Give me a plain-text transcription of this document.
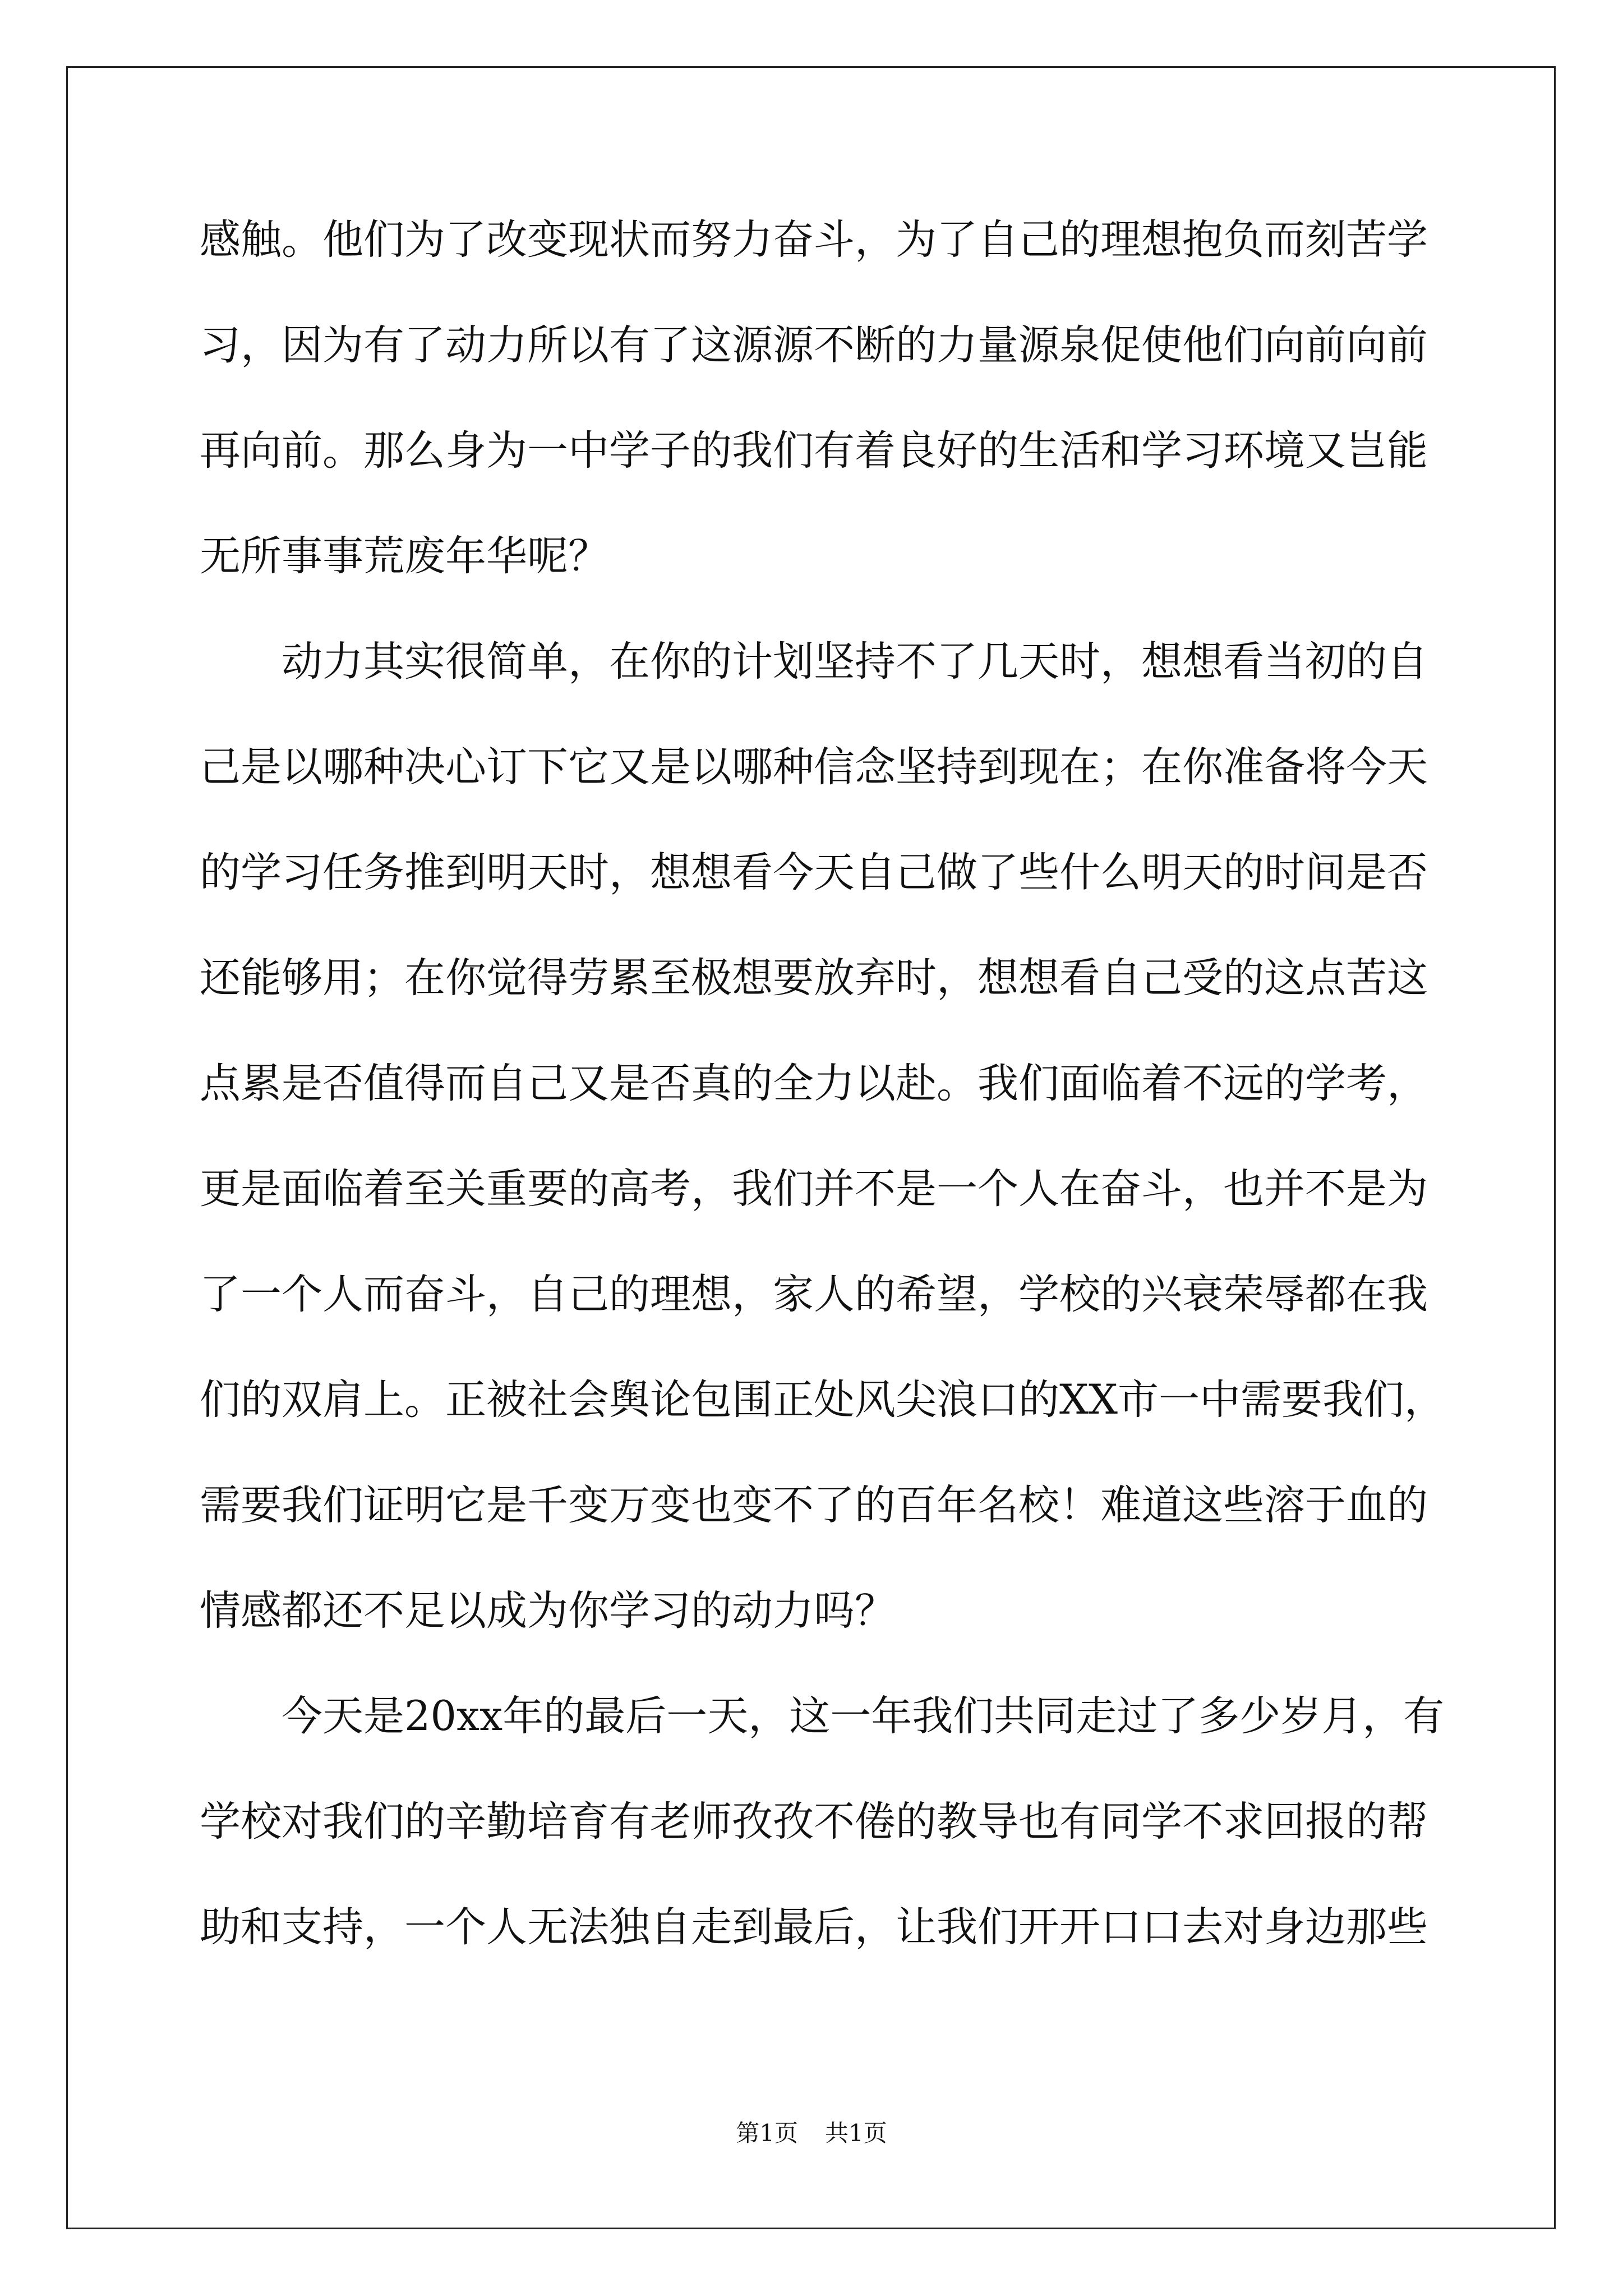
感触。他们为了改变现状而努力奋斗，为了自己的理想抱负而刻苦学
习，因为有了动力所以有了这源源不断的力量源泉促使他们向前向前
再向前。那么身为一中学子的我们有着良好的生活和学习环境又岂能
无所事事荒废年华呢？
　　动力其实很简单，在你的计划坚持不了几天时，想想看当初的自
己是以哪种决心订下它又是以哪种信念坚持到现在；在你准备将今天
的学习任务推到明天时，想想看今天自己做了些什么明天的时间是否
还能够用；在你觉得劳累至极想要放弃时，想想看自己受的这点苦这
点累是否值得而自己又是否真的全力以赴。我们面临着不远的学考，
更是面临着至关重要的高考，我们并不是一个人在奋斗，也并不是为
了一个人而奋斗，自己的理想，家人的希望，学校的兴衰荣辱都在我
们的双肩上。正被社会舆论包围正处风尖浪口的XX市一中需要我们，
需要我们证明它是千变万变也变不了的百年名校！难道这些溶于血的
情感都还不足以成为你学习的动力吗？
　　今天是20xx年的最后一天，这一年我们共同走过了多少岁月，有
学校对我们的辛勤培育有老师孜孜不倦的教导也有同学不求回报的帮
助和支持，一个人无法独自走到最后，让我们开开口口去对身边那些
第1页 共1页
